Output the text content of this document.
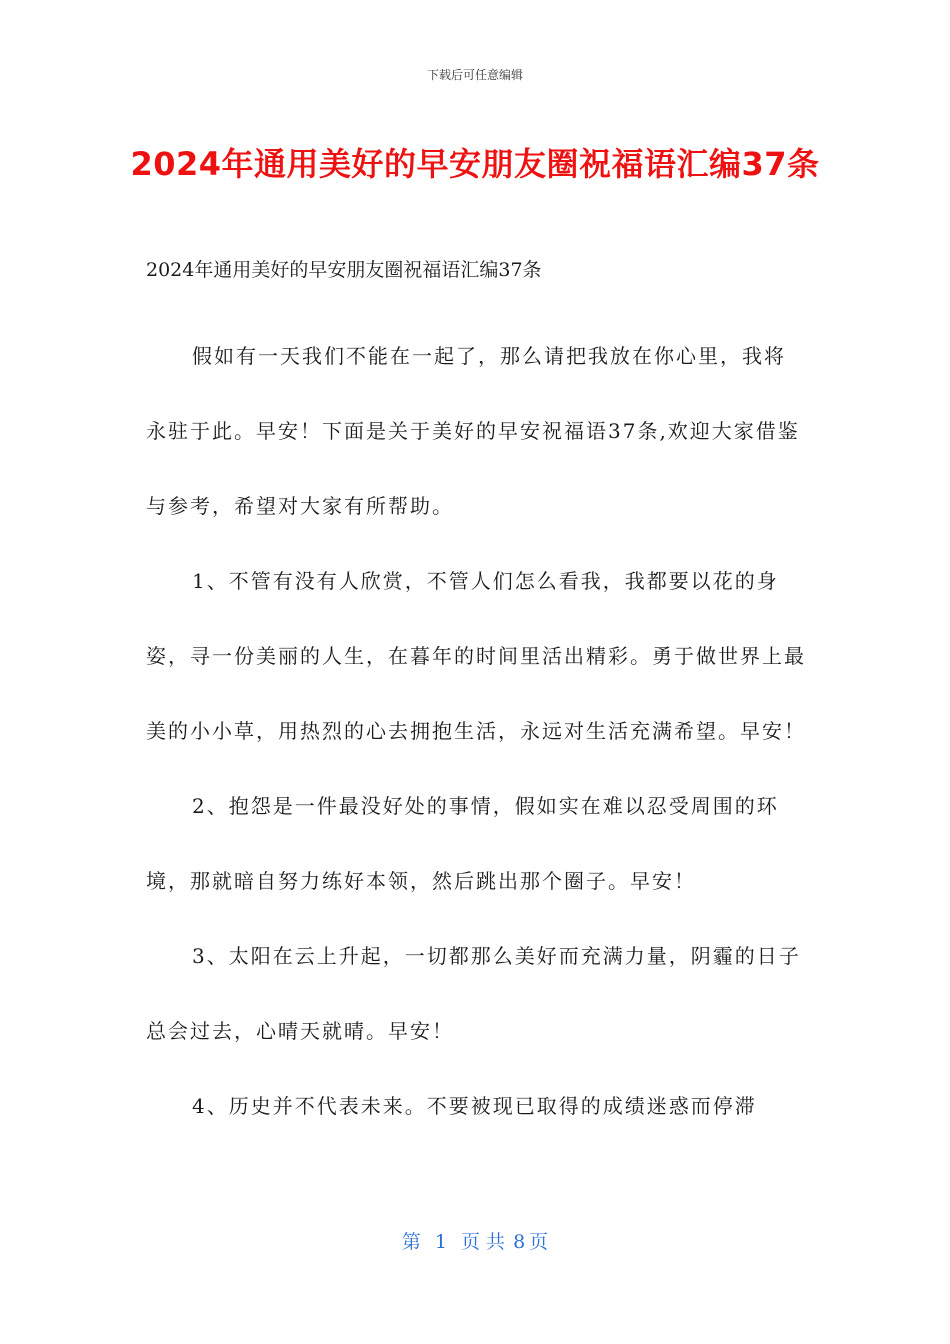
下载后可任意编辑
2024年通用美好的早安朋友圈祝福语汇编37条
2024年通用美好的早安朋友圈祝福语汇编37条

假如有一天我们不能在一起了，那么请把我放在你心里，我将永驻于此。早安！下面是关于美好的早安祝福语37条,欢迎大家借鉴与参考，希望对大家有所帮助。

1、不管有没有人欣赏，不管人们怎么看我，我都要以花的身姿，寻一份美丽的人生，在暮年的时间里活出精彩。勇于做世界上最美的小小草，用热烈的心去拥抱生活，永远对生活充满希望。早安！

2、抱怨是一件最没好处的事情，假如实在难以忍受周围的环境，那就暗自努力练好本领，然后跳出那个圈子。早安！

3、太阳在云上升起，一切都那么美好而充满力量，阴霾的日子总会过去，心晴天就晴。早安！

4、历史并不代表未来。不要被现已取得的成绩迷惑而停滞

第 1 页 共 8 页
